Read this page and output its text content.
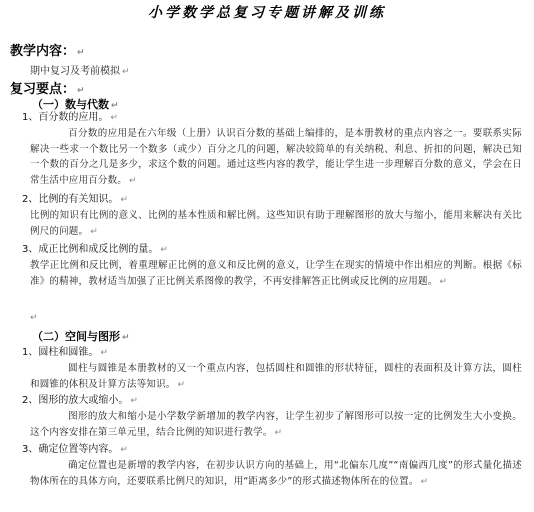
小学数学总复习专题讲解及训练
教学内容： ↵
期中复习及考前模拟 ↵
复习要点： ↵
（一）数与代数 ↵
1、百分数的应用。 ↵
百分数的应用是在六年级（上册）认识百分数的基础上编排的，是本册教材的重点内容之一。要联系实际解决一些求一个数比另一个数多（或少）百分之几的问题，解决较简单的有关纳税、利息、折扣的问题，解决已知一个数的百分之几是多少，求这个数的问题。通过这些内容的教学，能让学生进一步理解百分数的意义，学会在日常生活中应用百分数。 ↵
2、比例的有关知识。 ↵
比例的知识有比例的意义、比例的基本性质和解比例。这些知识有助于理解图形的放大与缩小，能用来解决有关比例尺的问题。 ↵
3、成正比例和成反比例的量。 ↵
教学正比例和反比例，着重理解正比例的意义和反比例的意义，让学生在现实的情境中作出相应的判断。根据《标准》的精神，教材适当加强了正比例关系图像的教学，不再安排解答正比例或反比例的应用题。 ↵
↵
（二）空间与图形 ↵
1、圆柱和圆锥。 ↵
圆柱与圆锥是本册教材的又一个重点内容，包括圆柱和圆锥的形状特征，圆柱的表面积及计算方法，圆柱和圆锥的体积及计算方法等知识。 ↵
2、图形的放大或缩小。 ↵
图形的放大和缩小是小学数学新增加的教学内容，让学生初步了解图形可以按一定的比例发生大小变换。这个内容安排在第三单元里，结合比例的知识进行教学。 ↵
3、确定位置等内容。 ↵
确定位置也是新增的教学内容，在初步认识方向的基础上，用“北偏东几度”“南偏西几度”的形式量化描述物体所在的具体方向，还要联系比例尺的知识，用“距离多少”的形式描述物体所在的位置。 ↵
